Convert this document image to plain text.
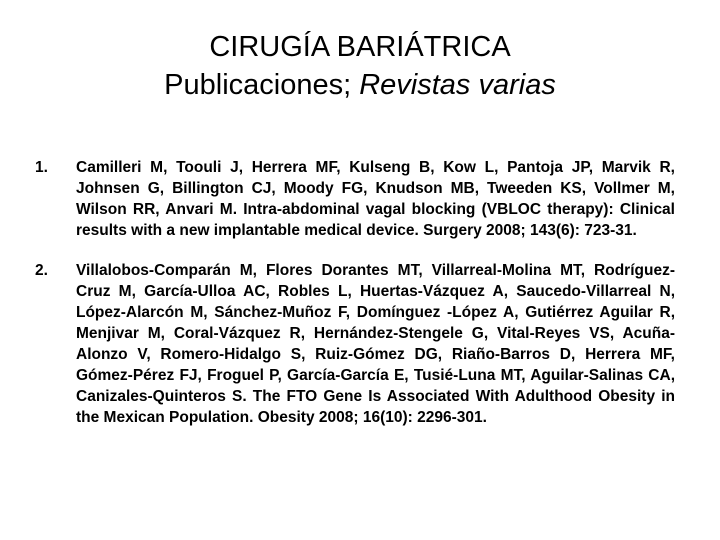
CIRUGÍA BARIÁTRICA
Publicaciones; Revistas varias
1.	Camilleri M, Toouli J, Herrera MF, Kulseng B, Kow L, Pantoja JP, Marvik R, Johnsen G, Billington CJ, Moody FG, Knudson MB, Tweeden KS, Vollmer M, Wilson RR, Anvari M. Intra-abdominal vagal blocking (VBLOC therapy): Clinical results with a new implantable medical device. Surgery 2008; 143(6): 723-31.
2.	Villalobos-Comparán M, Flores Dorantes MT, Villarreal-Molina MT, Rodríguez-Cruz M, García-Ulloa AC, Robles L, Huertas-Vázquez A, Saucedo-Villarreal N, López-Alarcón M, Sánchez-Muñoz F, Domínguez -López A, Gutiérrez Aguilar R, Menjivar M, Coral-Vázquez R, Hernández-Stengele G, Vital-Reyes VS, Acuña-Alonzo V, Romero-Hidalgo S, Ruiz-Gómez DG, Riaño-Barros D, Herrera MF, Gómez-Pérez FJ, Froguel P, García-García E, Tusié-Luna MT, Aguilar-Salinas CA, Canizales-Quinteros S. The FTO Gene Is Associated With Adulthood Obesity in the Mexican Population. Obesity 2008; 16(10): 2296-301.
